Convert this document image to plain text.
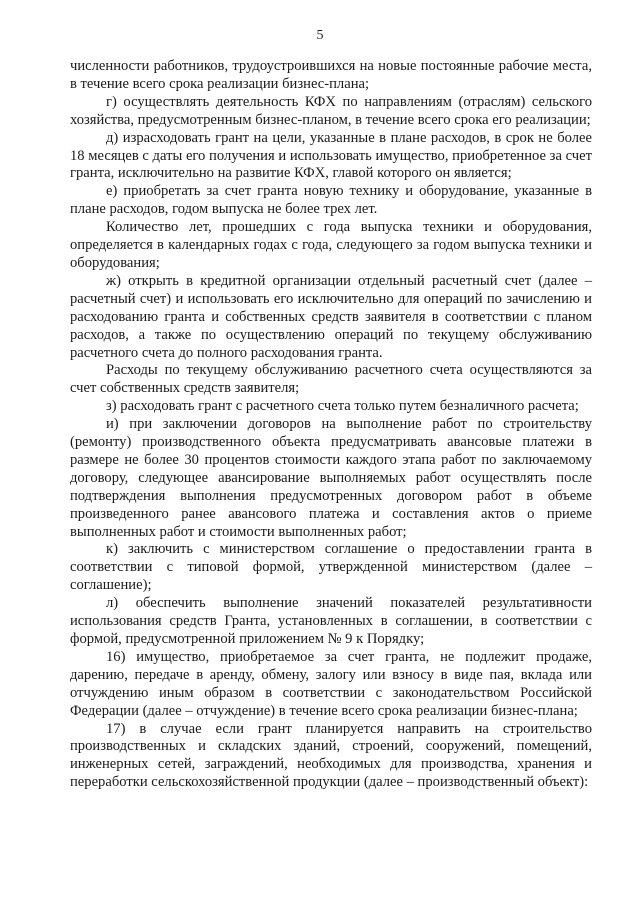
5

численности работников, трудоустроившихся на новые постоянные рабочие места, в течение всего срока реализации бизнес-плана;

г) осуществлять деятельность КФХ по направлениям (отраслям) сельского хозяйства, предусмотренным бизнес-планом, в течение всего срока его реализации;

д) израсходовать грант на цели, указанные в плане расходов, в срок не более 18 месяцев с даты его получения и использовать имущество, приобретенное за счет гранта, исключительно на развитие КФХ, главой которого он является;

е) приобретать за счет гранта новую технику и оборудование, указанные в плане расходов, годом выпуска не более трех лет.

Количество лет, прошедших с года выпуска техники и оборудования, определяется в календарных годах с года, следующего за годом выпуска техники и оборудования;

ж) открыть в кредитной организации отдельный расчетный счет (далее – расчетный счет) и использовать его исключительно для операций по зачислению и расходованию гранта и собственных средств заявителя в соответствии с планом расходов, а также по осуществлению операций по текущему обслуживанию расчетного счета до полного расходования гранта.

Расходы по текущему обслуживанию расчетного счета осуществляются за счет собственных средств заявителя;

з) расходовать грант с расчетного счета только путем безналичного расчета;

и) при заключении договоров на выполнение работ по строительству (ремонту) производственного объекта предусматривать авансовые платежи в размере не более 30 процентов стоимости каждого этапа работ по заключаемому договору, следующее авансирование выполняемых работ осуществлять после подтверждения выполнения предусмотренных договором работ в объеме произведенного ранее авансового платежа и составления актов о приеме выполненных работ и стоимости выполненных работ;

к) заключить с министерством соглашение о предоставлении гранта в соответствии с типовой формой, утвержденной министерством (далее – соглашение);

л) обеспечить выполнение значений показателей результативности использования средств Гранта, установленных в соглашении, в соответствии с формой, предусмотренной приложением № 9 к Порядку;

16) имущество, приобретаемое за счет гранта, не подлежит продаже, дарению, передаче в аренду, обмену, залогу или взносу в виде пая, вклада или отчуждению иным образом в соответствии с законодательством Российской Федерации (далее – отчуждение) в течение всего срока реализации бизнес-плана;

17) в случае если грант планируется направить на строительство производственных и складских зданий, строений, сооружений, помещений, инженерных сетей, заграждений, необходимых для производства, хранения и переработки сельскохозяйственной продукции (далее – производственный объект):
